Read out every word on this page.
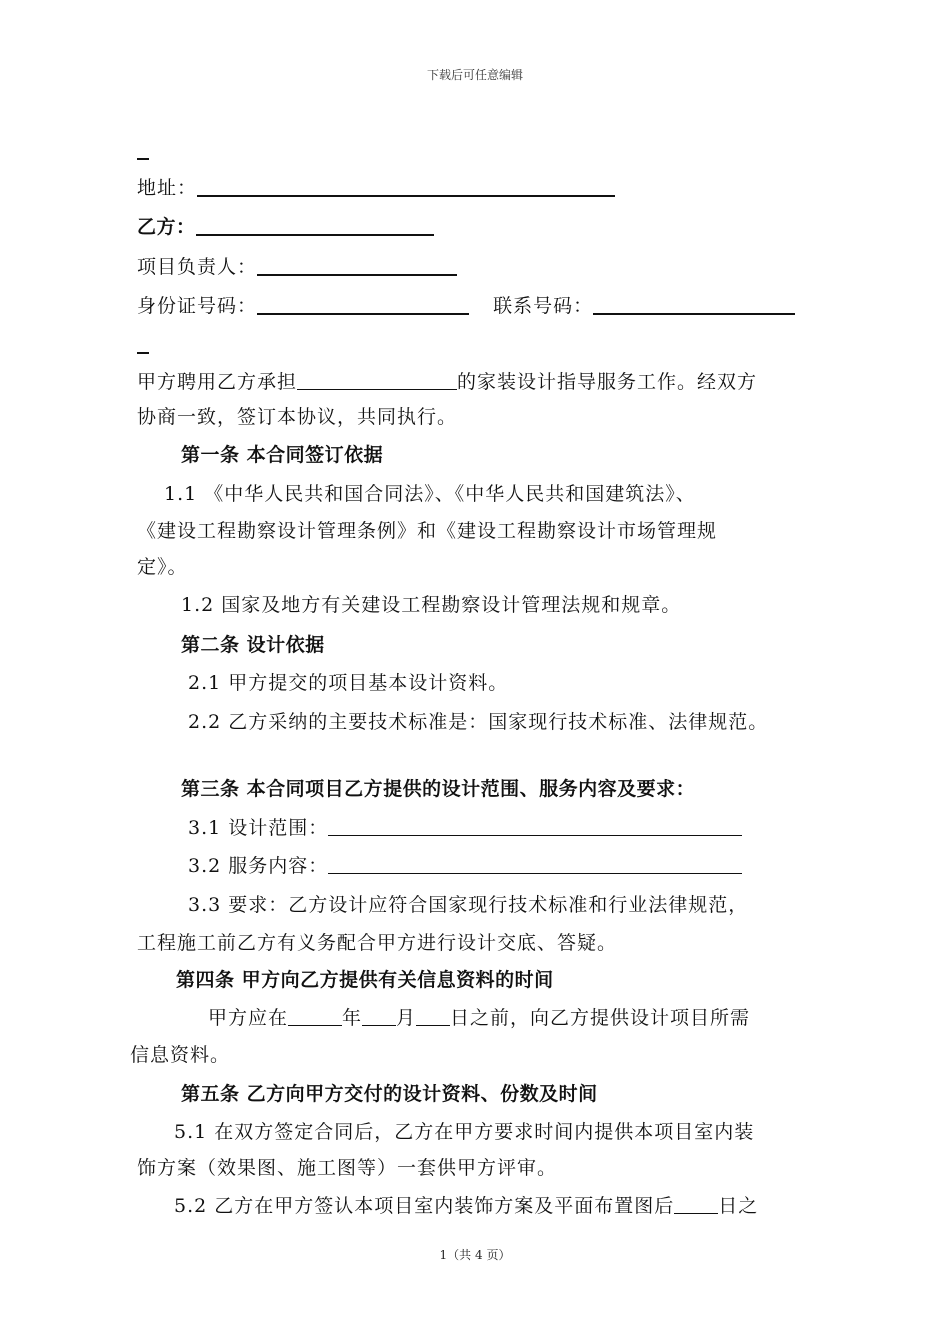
下载后可任意编辑
地址：
乙方：
项目负责人：
身份证号码：	联系号码：
甲方聘用乙方承担	的家装设计指导服务工作。经双方
协商一致，签订本协议，共同执行。
第一条 本合同签订依据
1.1 《中华人民共和国合同法》、《中华人民共和国建筑法》、
《建设工程勘察设计管理条例》和《建设工程勘察设计市场管理规
定》。
1.2 国家及地方有关建设工程勘察设计管理法规和规章。
第二条 设计依据
2.1 甲方提交的项目基本设计资料。
2.2 乙方采纳的主要技术标准是：国家现行技术标准、法律规范。
第三条 本合同项目乙方提供的设计范围、服务内容及要求：
3.1 设计范围：
3.2 服务内容：
3.3 要求：乙方设计应符合国家现行技术标准和行业法律规范，
工程施工前乙方有义务配合甲方进行设计交底、答疑。
第四条 甲方向乙方提供有关信息资料的时间
甲方应在	年 月 日之前，向乙方提供设计项目所需
信息资料。
第五条 乙方向甲方交付的设计资料、份数及时间
5.1 在双方签定合同后，乙方在甲方要求时间内提供本项目室内装
饰方案（效果图、施工图等）一套供甲方评审。
5.2 乙方在甲方签认本项目室内装饰方案及平面布置图后 日之
1（共 4 页）
